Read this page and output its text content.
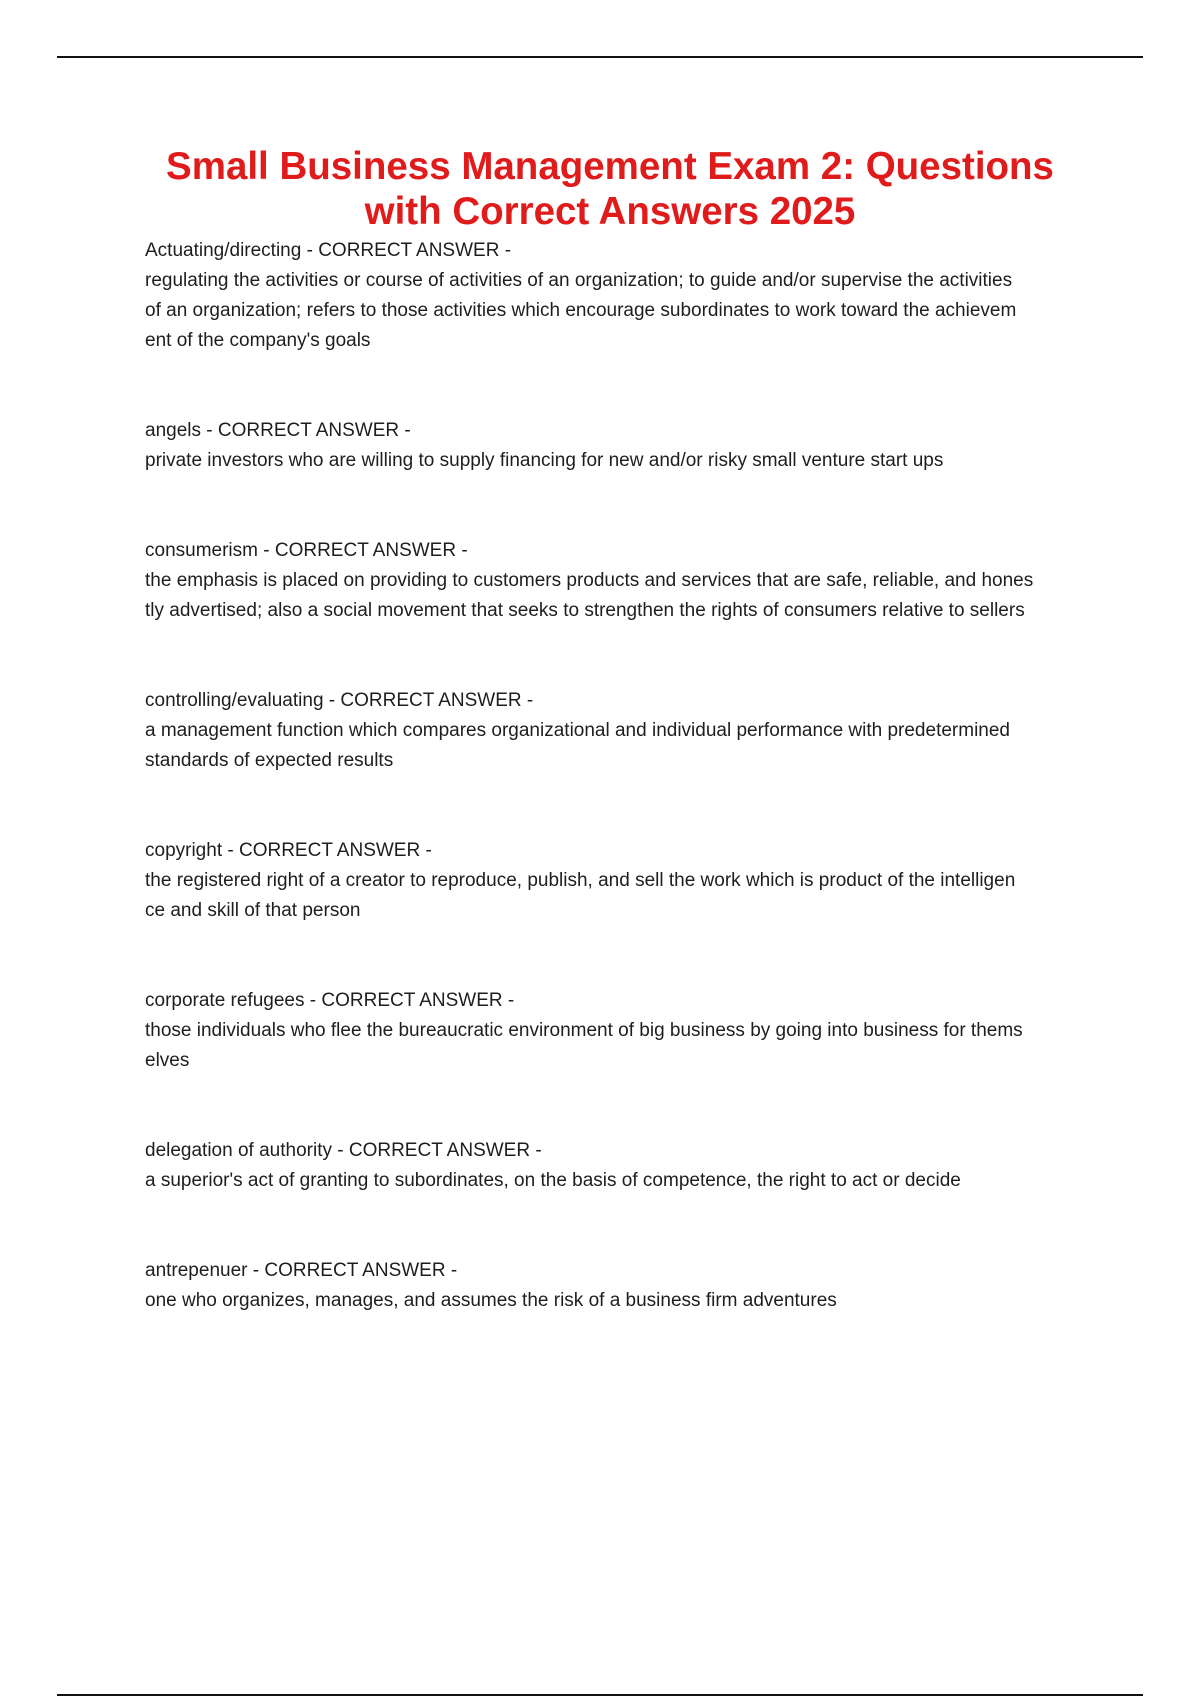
Small Business Management Exam 2: Questions
with Correct Answers 2025
Actuating/directing - CORRECT ANSWER -
regulating the activities or course of activities of an organization; to guide and/or supervise the activities
of an organization; refers to those activities which encourage subordinates to work toward the achievem
ent of the company's goals
angels - CORRECT ANSWER -
private investors who are willing to supply financing for new and/or risky small venture start ups
consumerism - CORRECT ANSWER -
the emphasis is placed on providing to customers products and services that are safe, reliable, and hones
tly advertised; also a social movement that seeks to strengthen the rights of consumers relative to sellers
controlling/evaluating - CORRECT ANSWER -
a management function which compares organizational and individual performance with predetermined
standards of expected results
copyright - CORRECT ANSWER -
the registered right of a creator to reproduce, publish, and sell the work which is product of the intelligen
ce and skill of that person
corporate refugees - CORRECT ANSWER -
those individuals who flee the bureaucratic environment of big business by going into business for thems
elves
delegation of authority - CORRECT ANSWER -
a superior's act of granting to subordinates, on the basis of competence, the right to act or decide
antrepenuer - CORRECT ANSWER -
one who organizes, manages, and assumes the risk of a business firm adventures
